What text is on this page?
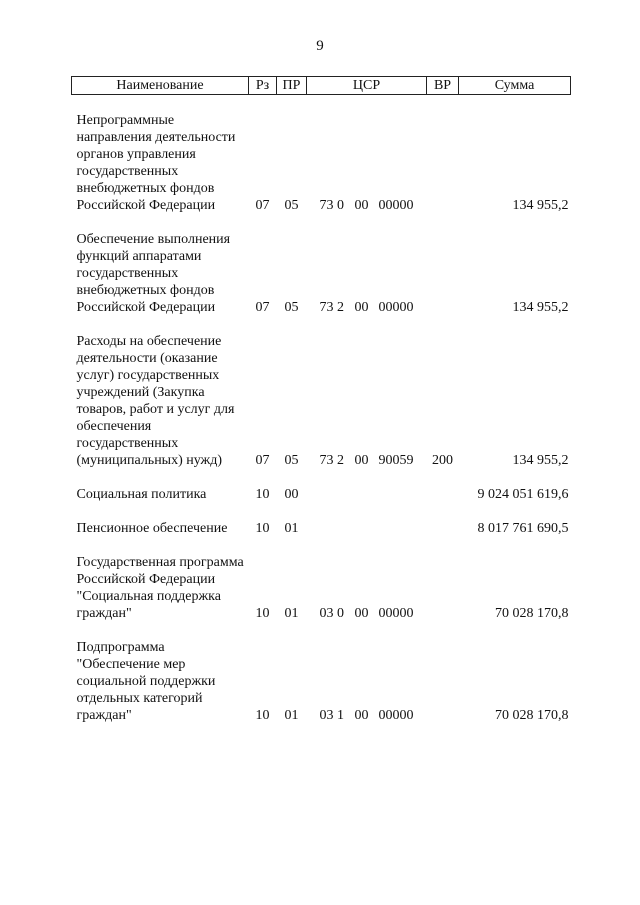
9
Наименование	Рз	ПР	ЦСР			ВР	Сумма

Непрограммные направления деятельности органов управления государственных внебюджетных фондов Российской Федерации	07	05	73 0	00	00000		134 955,2

Обеспечение выполнения функций аппаратами государственных внебюджетных фондов Российской Федерации	07	05	73 2	00	00000		134 955,2

Расходы на обеспечение деятельности (оказание услуг) государственных учреждений (Закупка товаров, работ и услуг для обеспечения государственных (муниципальных) нужд)	07	05	73 2	00	90059	200	134 955,2

Социальная политика	10	00					9 024 051 619,6

Пенсионное обеспечение	10	01					8 017 761 690,5

Государственная программа Российской Федерации "Социальная поддержка граждан"	10	01	03 0	00	00000		70 028 170,8

Подпрограмма "Обеспечение мер социальной поддержки отдельных категорий граждан"	10	01	03 1	00	00000		70 028 170,8
